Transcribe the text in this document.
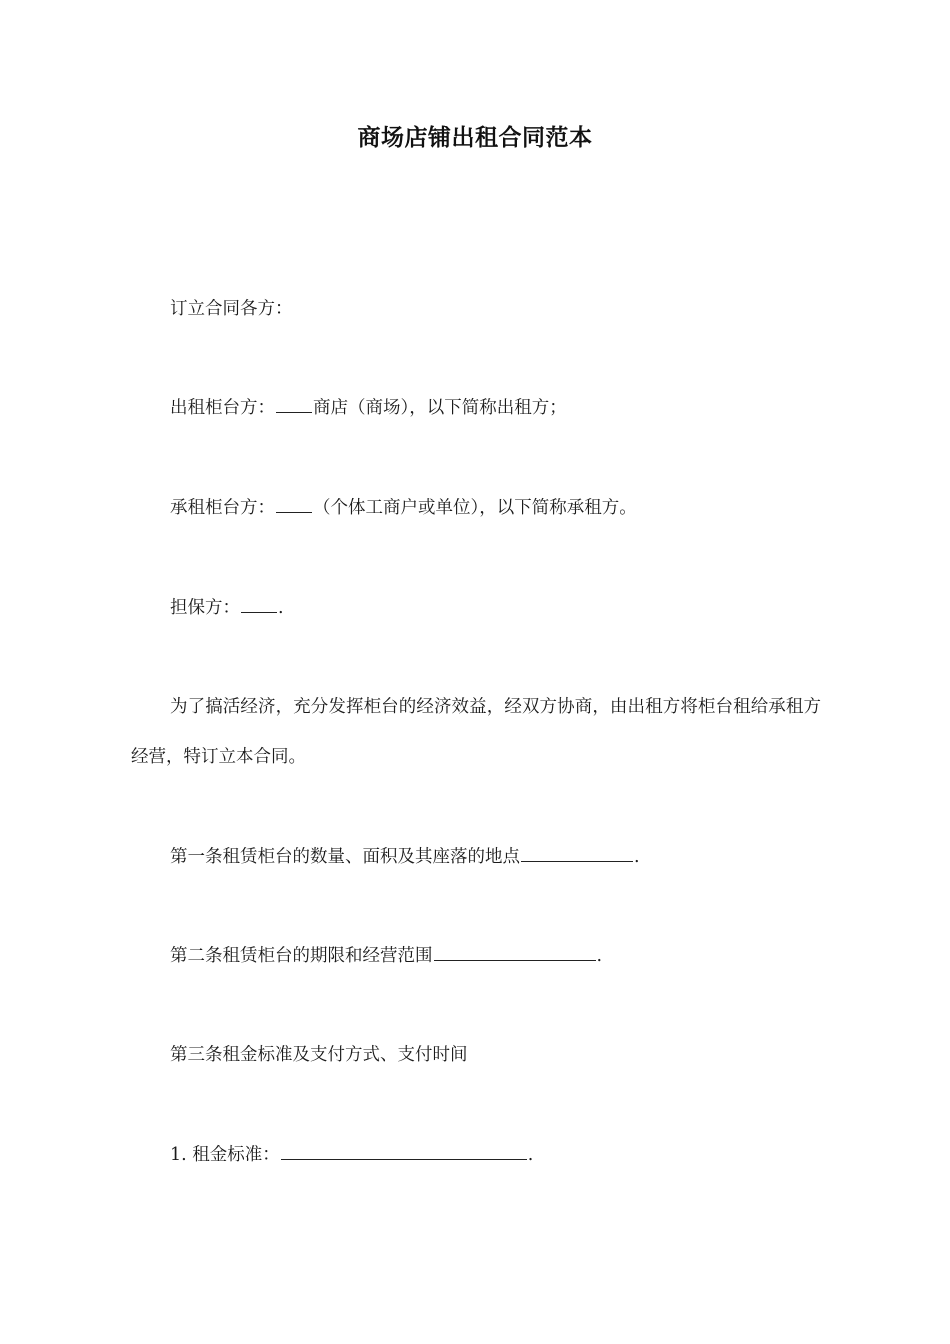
商场店铺出租合同范本
订立合同各方：
出租柜台方： 商店（商场），以下简称出租方；
承租柜台方： （个体工商户或单位），以下简称承租方。
担保方： .
为了搞活经济，充分发挥柜台的经济效益，经双方协商，由出租方将柜台租给承租方经营，特订立本合同。
第一条租赁柜台的数量、面积及其座落的地点	.
第二条租赁柜台的期限和经营范围	.
第三条租金标准及支付方式、支付时间
1. 租金标准：	.
